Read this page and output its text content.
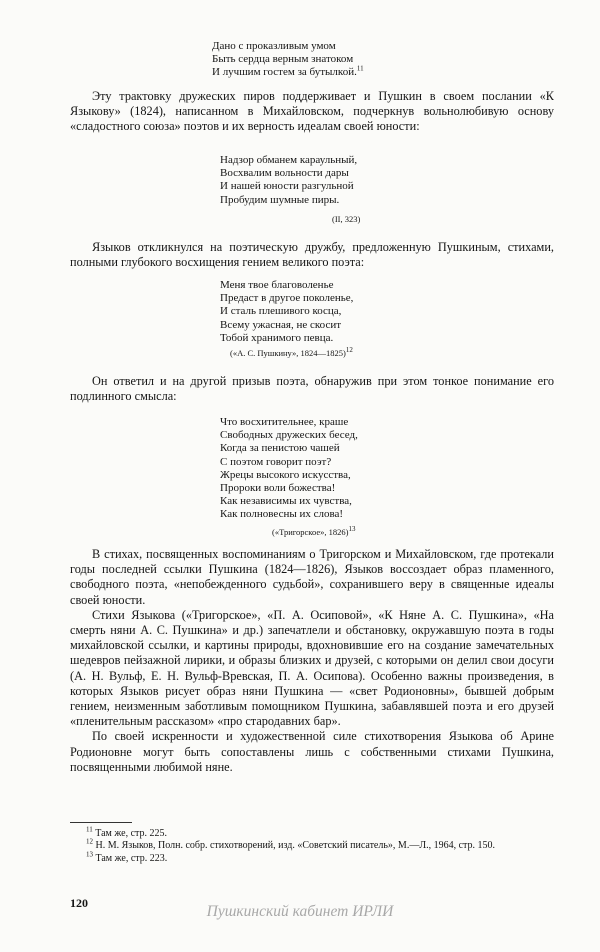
Дано с проказливым умом
Быть сердца верным знатоком
И лучшим гостем за бутылкой.$^{11}$

Эту трактовку дружеских пиров поддерживает и Пушкин в своем послании «К Языкову» (1824), написанном в Михайловском, подчеркнув вольнолюбивую основу «сладостного союза» поэтов и их верность идеалам своей юности:

Надзор обманем караульный,
Восхвалим вольности дары
И нашей юности разгульной
Пробудим шумные пиры.
(II, 323)

Языков откликнулся на поэтическую дружбу, предложенную Пушкиным, стихами, полными глубокого восхищения гением великого поэта:

Меня твое благоволенье
Предаст в другое поколенье,
И сталь плешивого косца,
Всему ужасная, не скосит
Тобой хранимого певца.
(«А. С. Пушкину», 1824—1825)$^{12}$

Он ответил и на другой призыв поэта, обнаружив при этом тонкое понимание его подлинного смысла:

Что восхитительнее, краше
Свободных дружеских бесед,
Когда за пенистою чашей
С поэтом говорит поэт?
Жрецы высокого искусства,
Пророки воли божества!
Как независимы их чувства,
Как полновесны их слова!
(«Тригорское», 1826)$^{13}$

В стихах, посвященных воспоминаниям о Тригорском и Михайловском, где протекали годы последней ссылки Пушкина (1824—1826), Языков воссоздает образ пламенного, свободного поэта, «непобежденного судьбой», сохранившего веру в священные идеалы своей юности.

Стихи Языкова («Тригорское», «П. А. Осиповой», «К Няне А. С. Пушкина», «На смерть няни А. С. Пушкина» и др.) запечатлели и обстановку, окружавшую поэта в годы михайловской ссылки, и картины природы, вдохновившие его на создание замечательных шедевров пейзажной лирики, и образы близких и друзей, с которыми он делил свои досуги (А. Н. Вульф, Е. Н. Вульф-Вревская, П. А. Осипова). Особенно важны произведения, в которых Языков рисует образ няни Пушкина — «свет Родионовны», бывшей добрым гением, неизменным заботливым помощником Пушкина, забавлявшей поэта и его друзей «пленительным рассказом» «про стародавних бар».

По своей искренности и художественной силе стихотворения Языкова об Арине Родионовне могут быть сопоставлены лишь с собственными стихами Пушкина, посвященными любимой няне.

$^{11}$ Там же, стр. 225.
$^{12}$ Н. М. Языков, Полн. собр. стихотворений, изд. «Советский писатель», М.—Л., 1964, стр. 150.
$^{13}$ Там же, стр. 223.
120	Пушкинский кабинет ИРЛИ
